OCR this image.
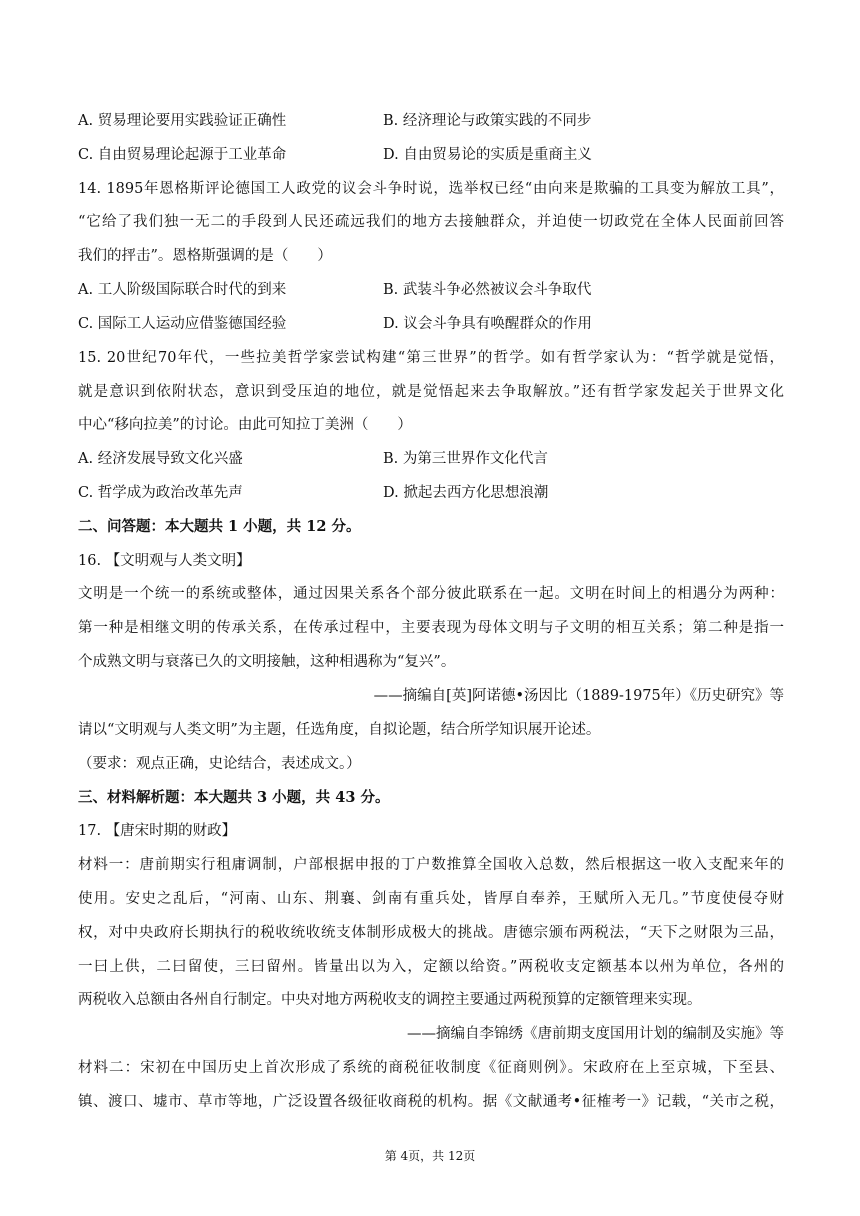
A. 贸易理论要用实践验证正确性	B. 经济理论与政策实践的不同步
C. 自由贸易理论起源于工业革命	D. 自由贸易论的实质是重商主义
14. 1895年恩格斯评论德国工人政党的议会斗争时说，选举权已经“由向来是欺骗的工具变为解放工具”，
“它给了我们独一无二的手段到人民还疏远我们的地方去接触群众，并迫使一切政党在全体人民面前回答
我们的抨击”。恩格斯强调的是（　　）
A. 工人阶级国际联合时代的到来	B. 武装斗争必然被议会斗争取代
C. 国际工人运动应借鉴德国经验	D. 议会斗争具有唤醒群众的作用
15. 20世纪70年代，一些拉美哲学家尝试构建“第三世界”的哲学。如有哲学家认为：“哲学就是觉悟，
就是意识到依附状态，意识到受压迫的地位，就是觉悟起来去争取解放。”还有哲学家发起关于世界文化
中心“移向拉美”的讨论。由此可知拉丁美洲（　　）
A. 经济发展导致文化兴盛	B. 为第三世界作文化代言
C. 哲学成为政治改革先声	D. 掀起去西方化思想浪潮
二、问答题：本大题共 1 小题，共 12 分。
16. 【文明观与人类文明】
文明是一个统一的系统或整体，通过因果关系各个部分彼此联系在一起。文明在时间上的相遇分为两种：
第一种是相继文明的传承关系，在传承过程中，主要表现为母体文明与子文明的相互关系；第二种是指一
个成熟文明与衰落已久的文明接触，这种相遇称为“复兴”。
——摘编自[英]阿诺德•汤因比（1889-1975年）《历史研究》等
请以“文明观与人类文明”为主题，任选角度，自拟论题，结合所学知识展开论述。
（要求：观点正确，史论结合，表述成文。）
三、材料解析题：本大题共 3 小题，共 43 分。
17. 【唐宋时期的财政】
材料一：唐前期实行租庸调制，户部根据申报的丁户数推算全国收入总数，然后根据这一收入支配来年的
使用。安史之乱后，“河南、山东、荆襄、剑南有重兵处，皆厚自奉养，王赋所入无几。”节度使侵夺财
权，对中央政府长期执行的税收统收统支体制形成极大的挑战。唐德宗颁布两税法，“天下之财限为三品，
一曰上供，二曰留使，三曰留州。皆量出以为入，定额以给资。”两税收支定额基本以州为单位，各州的
两税收入总额由各州自行制定。中央对地方两税收支的调控主要通过两税预算的定额管理来实现。
——摘编自李锦绣《唐前期支度国用计划的编制及实施》等
材料二：宋初在中国历史上首次形成了系统的商税征收制度《征商则例》。宋政府在上至京城，下至县、
镇、渡口、墟市、草市等地，广泛设置各级征收商税的机构。据《文献通考•征榷考一》记载，“关市之税，
第 4页，共 12页
